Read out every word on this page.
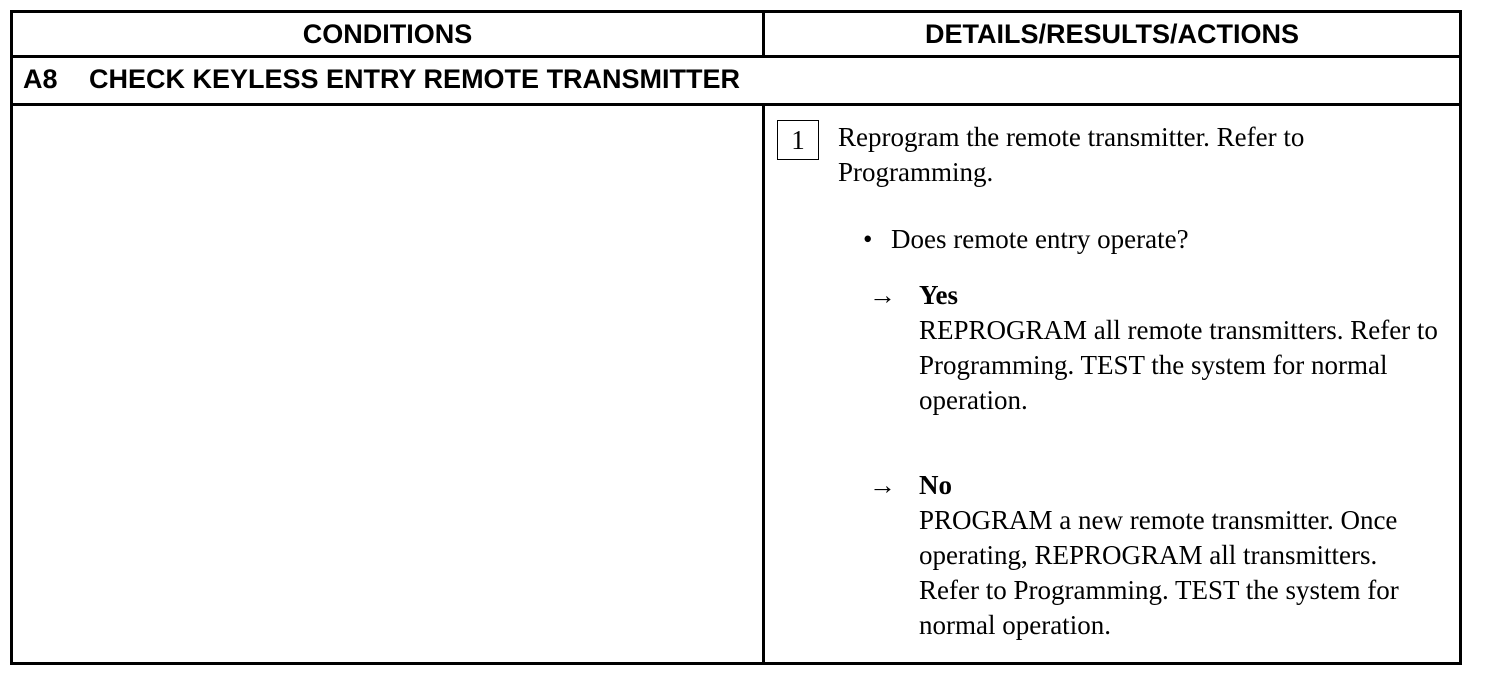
CONDITIONS	DETAILS/RESULTS/ACTIONS
A8 CHECK KEYLESS ENTRY REMOTE TRANSMITTER
1	Reprogram the remote transmitter. Refer to Programming.
• Does remote entry operate?
→ Yes
REPROGRAM all remote transmitters. Refer to Programming. TEST the system for normal operation.
→ No
PROGRAM a new remote transmitter. Once operating, REPROGRAM all transmitters. Refer to Programming. TEST the system for normal operation.
